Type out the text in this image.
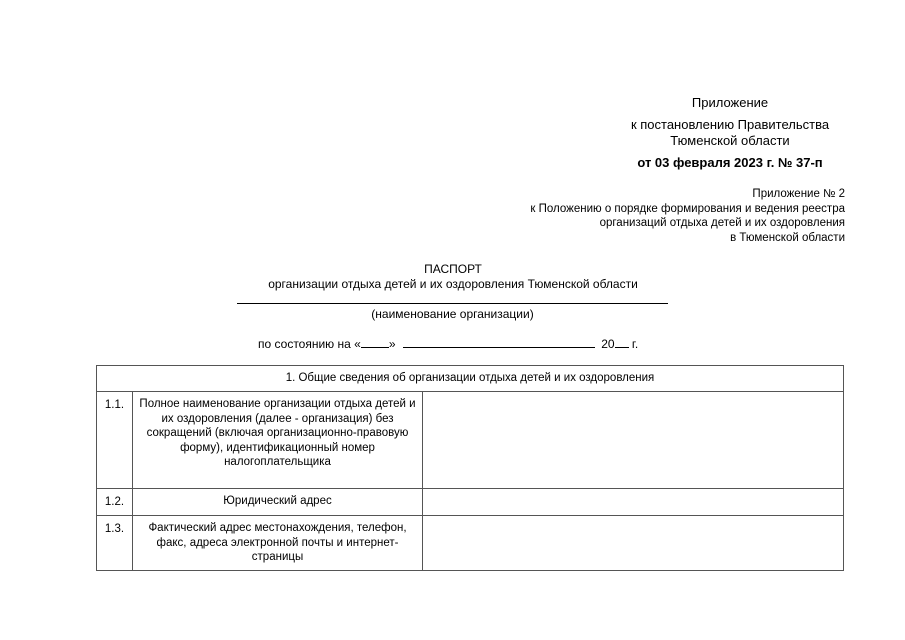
Приложение
к постановлению Правительства
Тюменской области
от 03 февраля 2023 г. № 37-п
Приложение № 2
к Положению о порядке формирования и ведения реестра
организаций отдыха детей и их оздоровления
в Тюменской области
ПАСПОРТ
организации отдыха детей и их оздоровления Тюменской области
(наименование организации)
по состоянию на « »	20 г.
1. Общие сведения об организации отдыха детей и их оздоровления		
1.1.	Полное наименование организации отдыха детей и их оздоровления (далее - организация) без сокращений (включая организационно-правовую форму), идентификационный номер налогоплательщика	
1.2.	Юридический адрес	
1.3.	Фактический адрес местонахождения, телефон, факс, адреса электронной почты и интернет-страницы	
